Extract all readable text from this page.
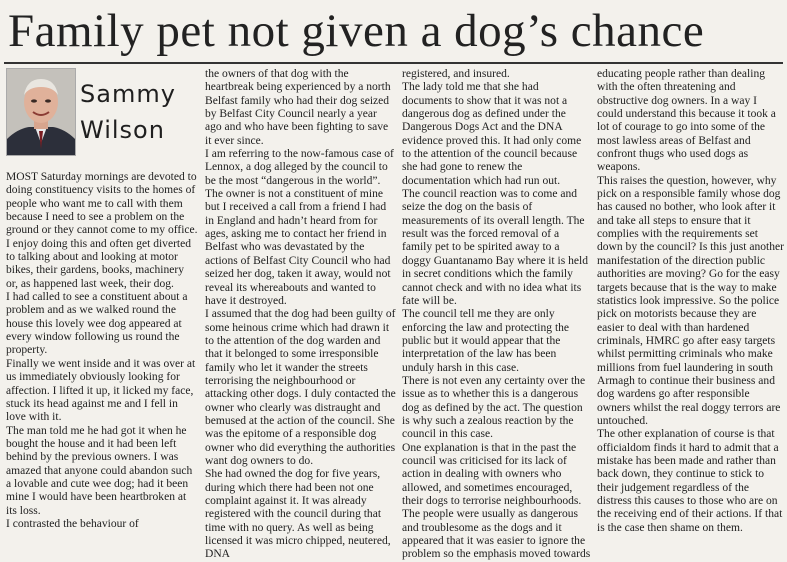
Family pet not given a dog’s chance
Sammy
Wilson

MOST Saturday mornings are devoted to doing constituency visits to the homes of people who want me to call with them because I need to see a problem on the ground or they cannot come to my office.

I enjoy doing this and often get diverted to talking about and looking at motor bikes, their gardens, books, machinery or, as happened last week, their dog.

I had called to see a constituent about a problem and as we walked round the house this lovely wee dog appeared at every window following us round the property.

Finally we went inside and it was over at us immediately obviously looking for affection. I lifted it up, it licked my face, stuck its head against me and I fell in love with it.

The man told me he had got it when he bought the house and it had been left behind by the previous owners. I was amazed that anyone could abandon such a lovable and cute wee dog; had it been mine I would have been heartbroken at its loss.

I contrasted the behaviour of

the owners of that dog with the heartbreak being experienced by a north Belfast family who had their dog seized by Belfast City Council nearly a year ago and who have been fighting to save it ever since.

I am referring to the now-famous case of Lennox, a dog alleged by the council to be the most “dangerous in the world”.

The owner is not a constituent of mine but I received a call from a friend I had in England and hadn’t heard from for ages, asking me to contact her friend in Belfast who was devastated by the actions of Belfast City Council who had seized her dog, taken it away, would not reveal its whereabouts and wanted to have it destroyed.

I assumed that the dog had been guilty of some heinous crime which had drawn it to the attention of the dog warden and that it belonged to some irresponsible family who let it wander the streets terrorising the neighbourhood or attacking other dogs. I duly contacted the owner who clearly was distraught and bemused at the action of the council. She was the epitome of a responsible dog owner who did everything the authorities want dog owners to do.

She had owned the dog for five years, during which there had been not one complaint against it. It was already registered with the council during that time with no query. As well as being licensed it was micro chipped, neutered, DNA

registered, and insured.

The lady told me that she had documents to show that it was not a dangerous dog as defined under the Dangerous Dogs Act and the DNA evidence proved this. It had only come to the attention of the council because she had gone to renew the documentation which had run out.

The council reaction was to come and seize the dog on the basis of measurements of its overall length. The result was the forced removal of a family pet to be spirited away to a doggy Guantanamo Bay where it is held in secret conditions which the family cannot check and with no idea what its fate will be.

The council tell me they are only enforcing the law and protecting the public but it would appear that the interpretation of the law has been unduly harsh in this case.

There is not even any certainty over the issue as to whether this is a dangerous dog as defined by the act. The question is why such a zealous reaction by the council in this case.

One explanation is that in the past the council was criticised for its lack of action in dealing with owners who allowed, and sometimes encouraged, their dogs to terrorise neighbourhoods. The people were usually as dangerous and troublesome as the dogs and it appeared that it was easier to ignore the problem so the emphasis moved towards

educating people rather than dealing with the often threatening and obstructive dog owners. In a way I could understand this because it took a lot of courage to go into some of the most lawless areas of Belfast and confront thugs who used dogs as weapons.

This raises the question, however, why pick on a responsible family whose dog has caused no bother, who look after it and take all steps to ensure that it complies with the requirements set down by the council? Is this just another manifestation of the direction public authorities are moving? Go for the easy targets because that is the way to make statistics look impressive. So the police pick on motorists because they are easier to deal with than hardened criminals, HMRC go after easy targets whilst permitting criminals who make millions from fuel laundering in south Armagh to continue their business and dog wardens go after responsible owners whilst the real doggy terrors are untouched.

The other explanation of course is that officialdom finds it hard to admit that a mistake has been made and rather than back down, they continue to stick to their judgement regardless of the distress this causes to those who are on the receiving end of their actions. If that is the case then shame on them.
